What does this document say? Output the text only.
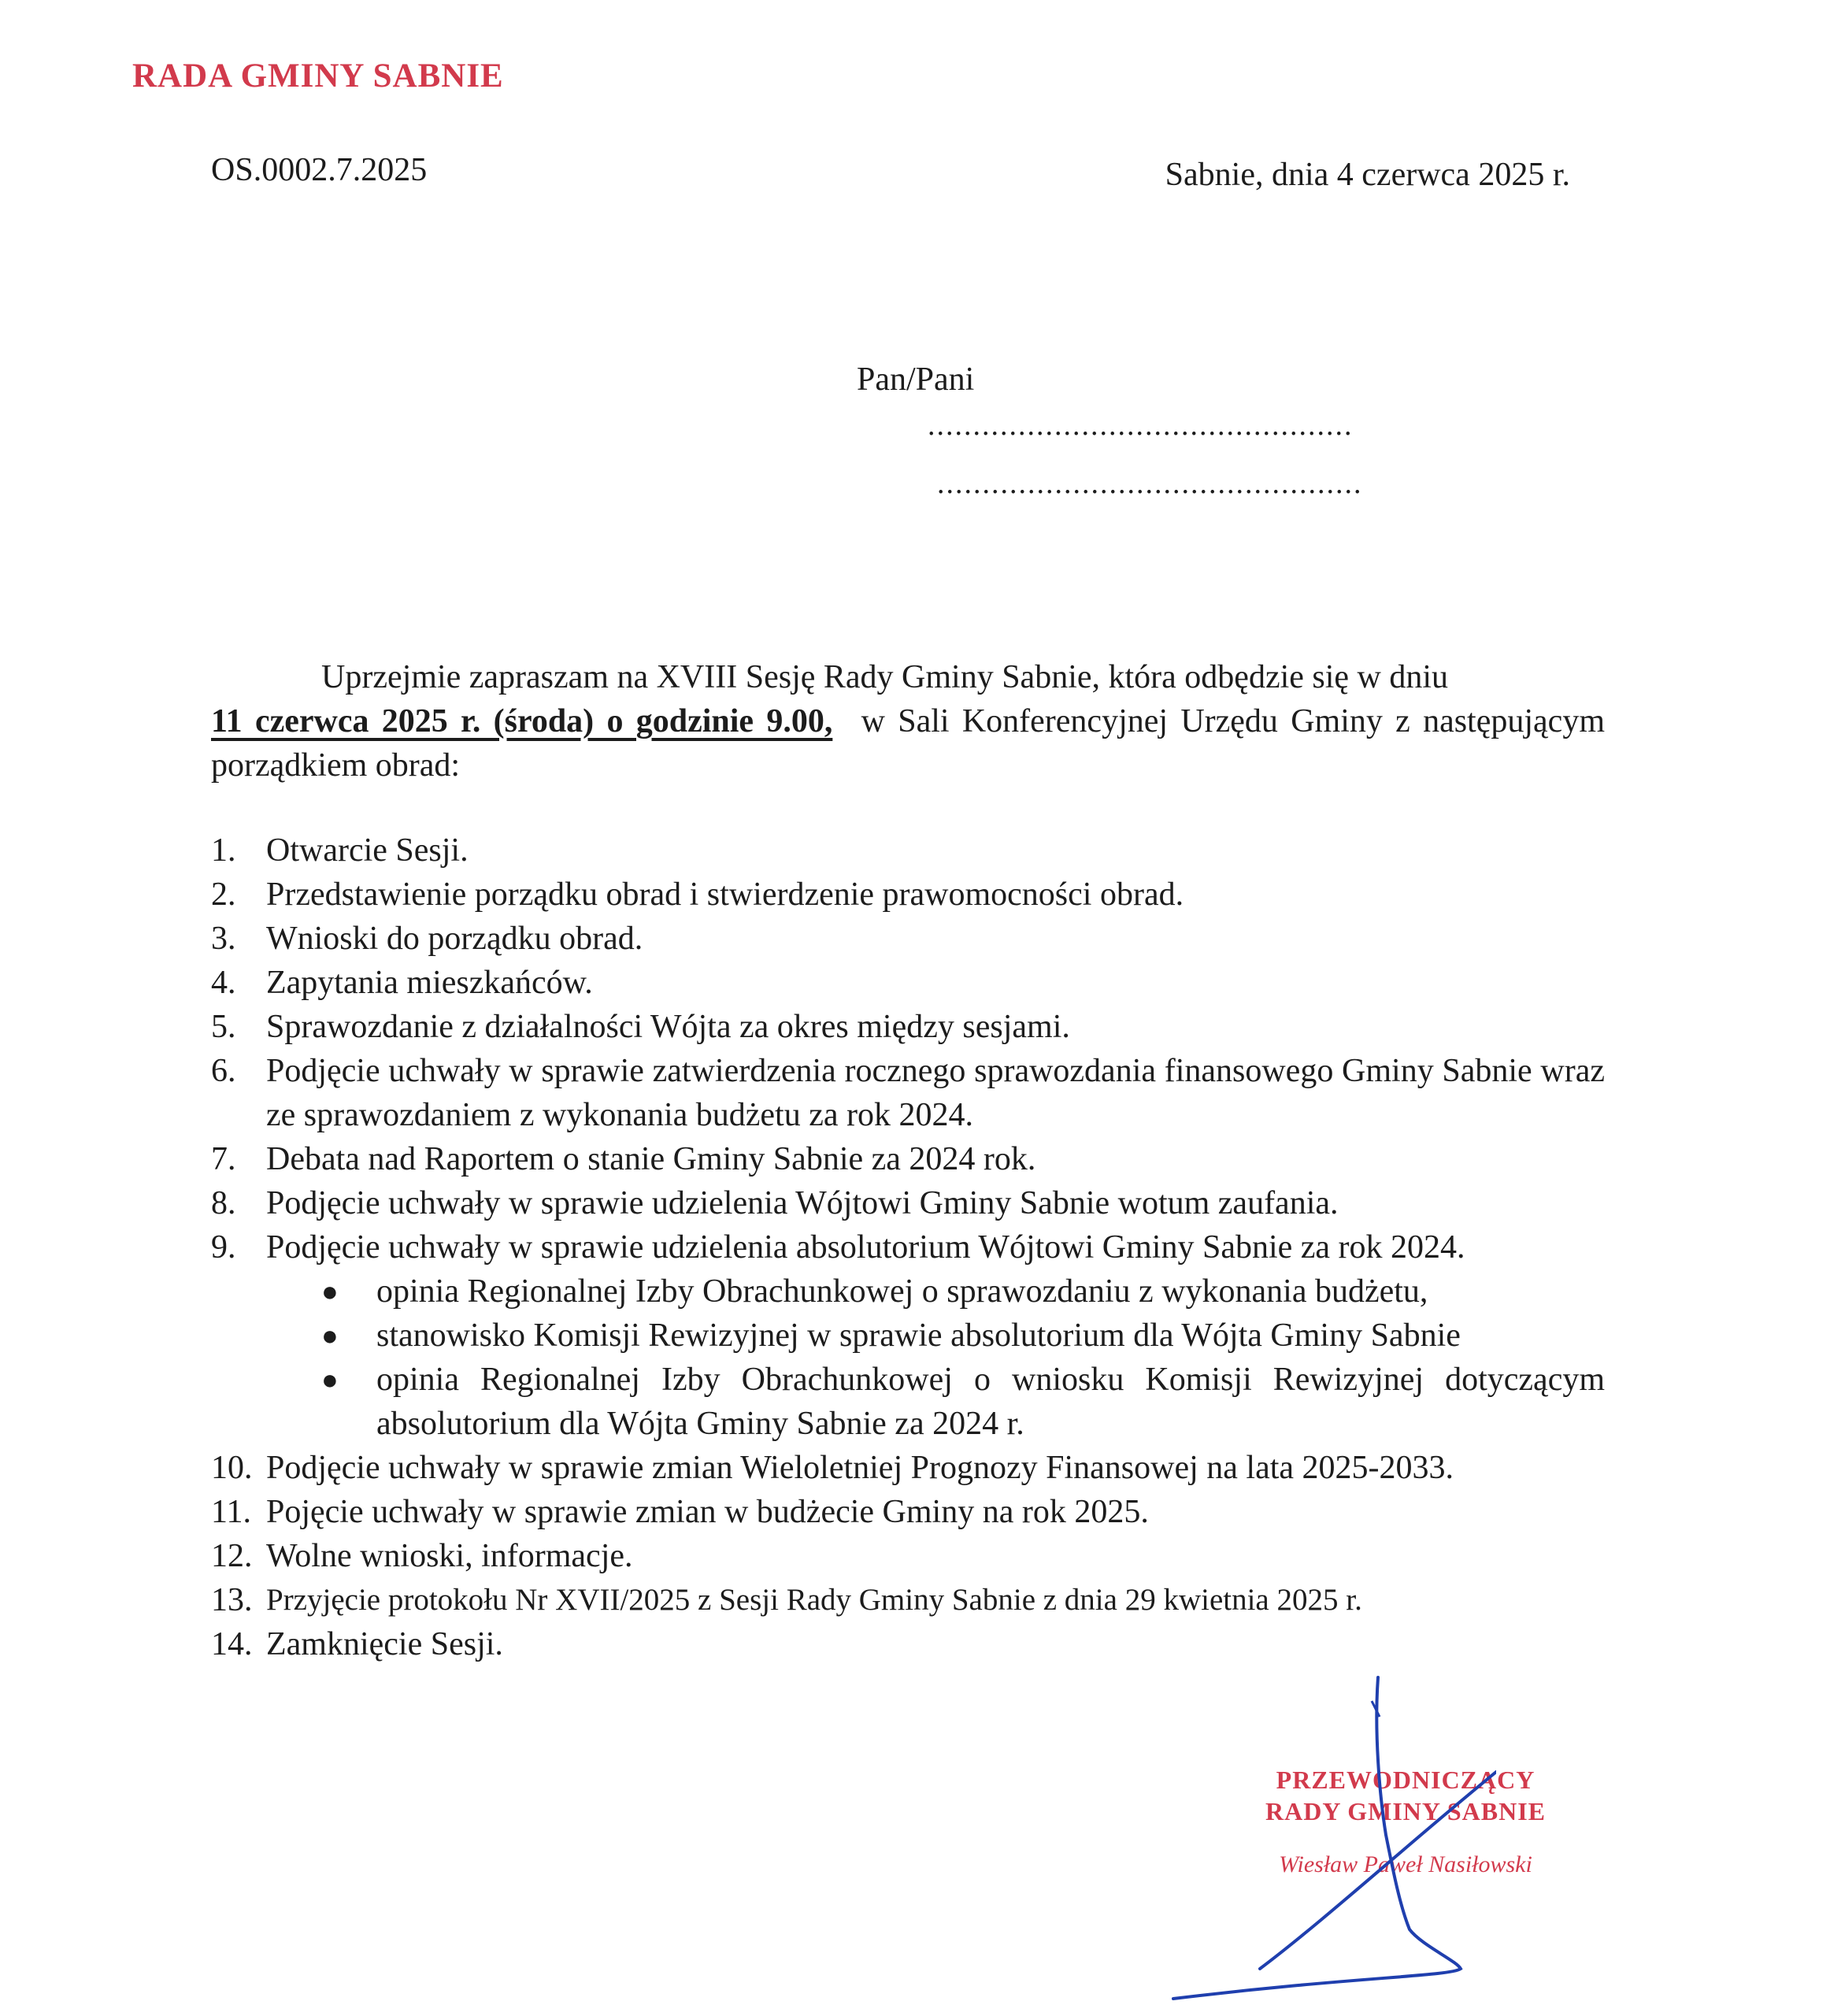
RADA GMINY SABNIE
OS.0002.7.2025	Sabnie, dnia 4 czerwca 2025 r.
Pan/Pani
...............................................
...............................................

Uprzejmie zapraszam na XVIII Sesję Rady Gminy Sabnie, która odbędzie się w dniu

11 czerwca 2025 r. (środa) o godzinie 9.00, w Sali Konferencyjnej Urzędu Gminy z następującym porządkiem obrad:

1. Otwarcie Sesji.
2. Przedstawienie porządku obrad i stwierdzenie prawomocności obrad.
3. Wnioski do porządku obrad.
4. Zapytania mieszkańców.
5. Sprawozdanie z działalności Wójta za okres między sesjami.
6. Podjęcie uchwały w sprawie zatwierdzenia rocznego sprawozdania finansowego Gminy Sabnie wraz ze sprawozdaniem z wykonania budżetu za rok 2024.
7. Debata nad Raportem o stanie Gminy Sabnie za 2024 rok.
8. Podjęcie uchwały w sprawie udzielenia Wójtowi Gminy Sabnie wotum zaufania.
9. Podjęcie uchwały w sprawie udzielenia absolutorium Wójtowi Gminy Sabnie za rok 2024.
●	opinia Regionalnej Izby Obrachunkowej o sprawozdaniu z wykonania budżetu,
●	stanowisko Komisji Rewizyjnej w sprawie absolutorium dla Wójta Gminy Sabnie
●	opinia Regionalnej Izby Obrachunkowej o wniosku Komisji Rewizyjnej dotyczącym absolutorium dla Wójta Gminy Sabnie za 2024 r.
10. Podjęcie uchwały w sprawie zmian Wieloletniej Prognozy Finansowej na lata 2025-2033.
11. Pojęcie uchwały w sprawie zmian w budżecie Gminy na rok 2025.
12. Wolne wnioski, informacje.
13. Przyjęcie protokołu Nr XVII/2025 z Sesji Rady Gminy Sabnie z dnia 29 kwietnia 2025 r.
14. Zamknięcie Sesji.
PRZEWODNICZĄCY
RADY GMINY SABNIE
Wiesław Paweł Nasiłowski
